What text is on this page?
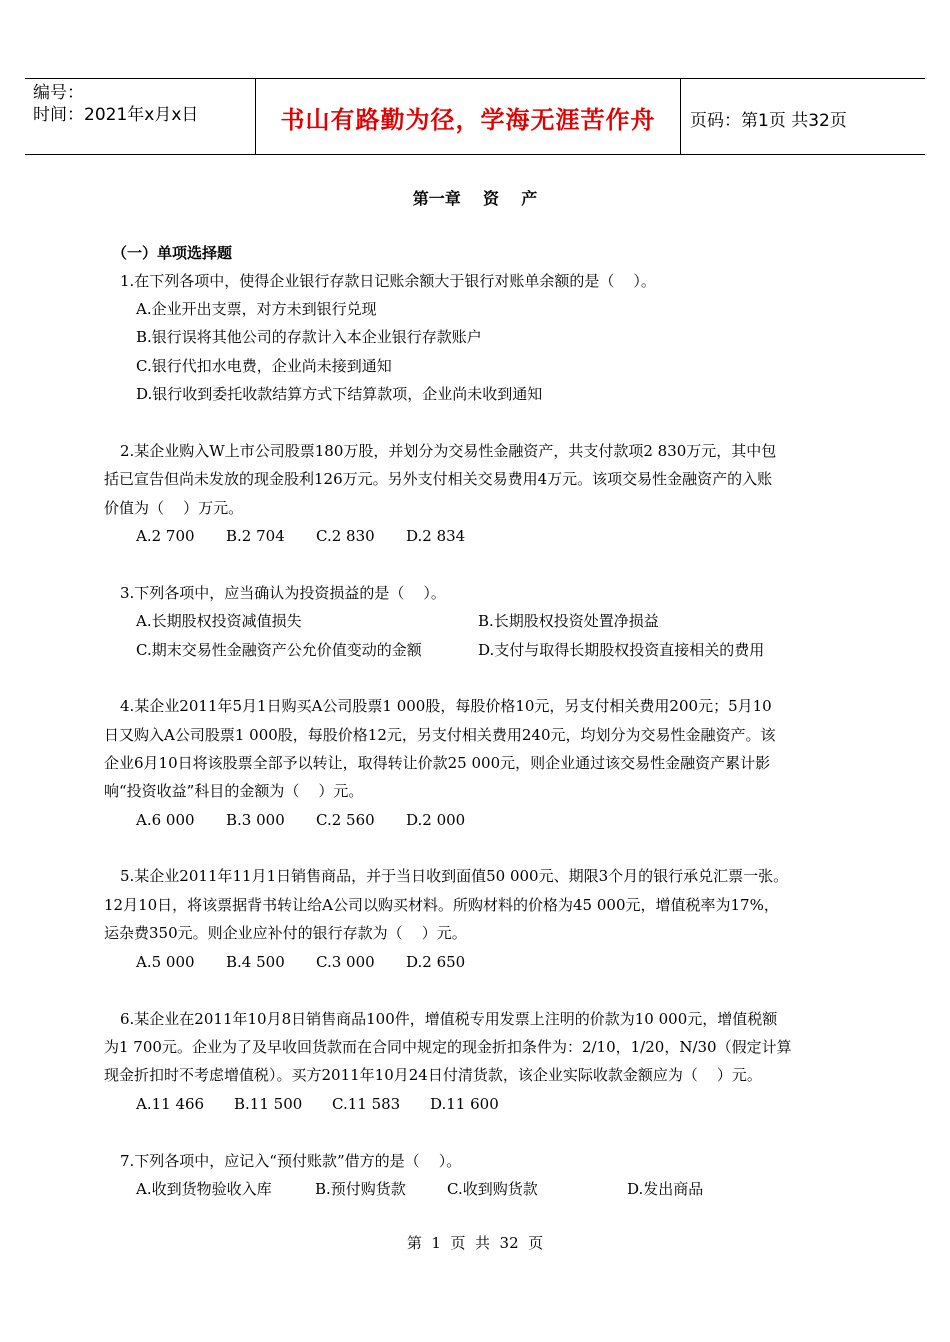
编号：
时间：2021年x月x日	书山有路勤为径，学海无涯苦作舟	页码：第1页 共32页
第一章    资    产
（一）单项选择题
1.在下列各项中，使得企业银行存款日记账余额大于银行对账单余额的是（    ）。
A.企业开出支票，对方未到银行兑现
B.银行误将其他公司的存款计入本企业银行存款账户
C.银行代扣水电费，企业尚未接到通知
D.银行收到委托收款结算方式下结算款项，企业尚未收到通知
2.某企业购入W上市公司股票180万股，并划分为交易性金融资产，共支付款项2 830万元，其中包
括已宣告但尚未发放的现金股利126万元。另外支付相关交易费用4万元。该项交易性金融资产的入账
价值为（    ）万元。
A.2 700 B.2 704 C.2 830 D.2 834
3.下列各项中，应当确认为投资损益的是（    ）。
A.长期股权投资减值损失	B.长期股权投资处置净损益
C.期末交易性金融资产公允价值变动的金额	D.支付与取得长期股权投资直接相关的费用
4.某企业2011年5月1日购买A公司股票1 000股，每股价格10元，另支付相关费用200元；5月10
日又购入A公司股票1 000股，每股价格12元，另支付相关费用240元，均划分为交易性金融资产。该
企业6月10日将该股票全部予以转让，取得转让价款25 000元，则企业通过该交易性金融资产累计影
响“投资收益”科目的金额为（    ）元。
A.6 000 B.3 000 C.2 560 D.2 000
5.某企业2011年11月1日销售商品，并于当日收到面值50 000元、期限3个月的银行承兑汇票一张。
12月10日，将该票据背书转让给A公司以购买材料。所购材料的价格为45 000元，增值税率为17%，
运杂费350元。则企业应补付的银行存款为（    ）元。
A.5 000 B.4 500 C.3 000 D.2 650
6.某企业在2011年10月8日销售商品100件，增值税专用发票上注明的价款为10 000元，增值税额
为1 700元。企业为了及早收回货款而在合同中规定的现金折扣条件为：2/10，1/20，N/30（假定计算
现金折扣时不考虑增值税）。买方2011年10月24日付清货款，该企业实际收款金额应为（    ）元。
A.11 466 B.11 500 C.11 583 D.11 600
7.下列各项中，应记入“预付账款”借方的是（    ）。
A.收到货物验收入库	B.预付购货款	C.收到购货款	D.发出商品
第  1  页  共  32  页
